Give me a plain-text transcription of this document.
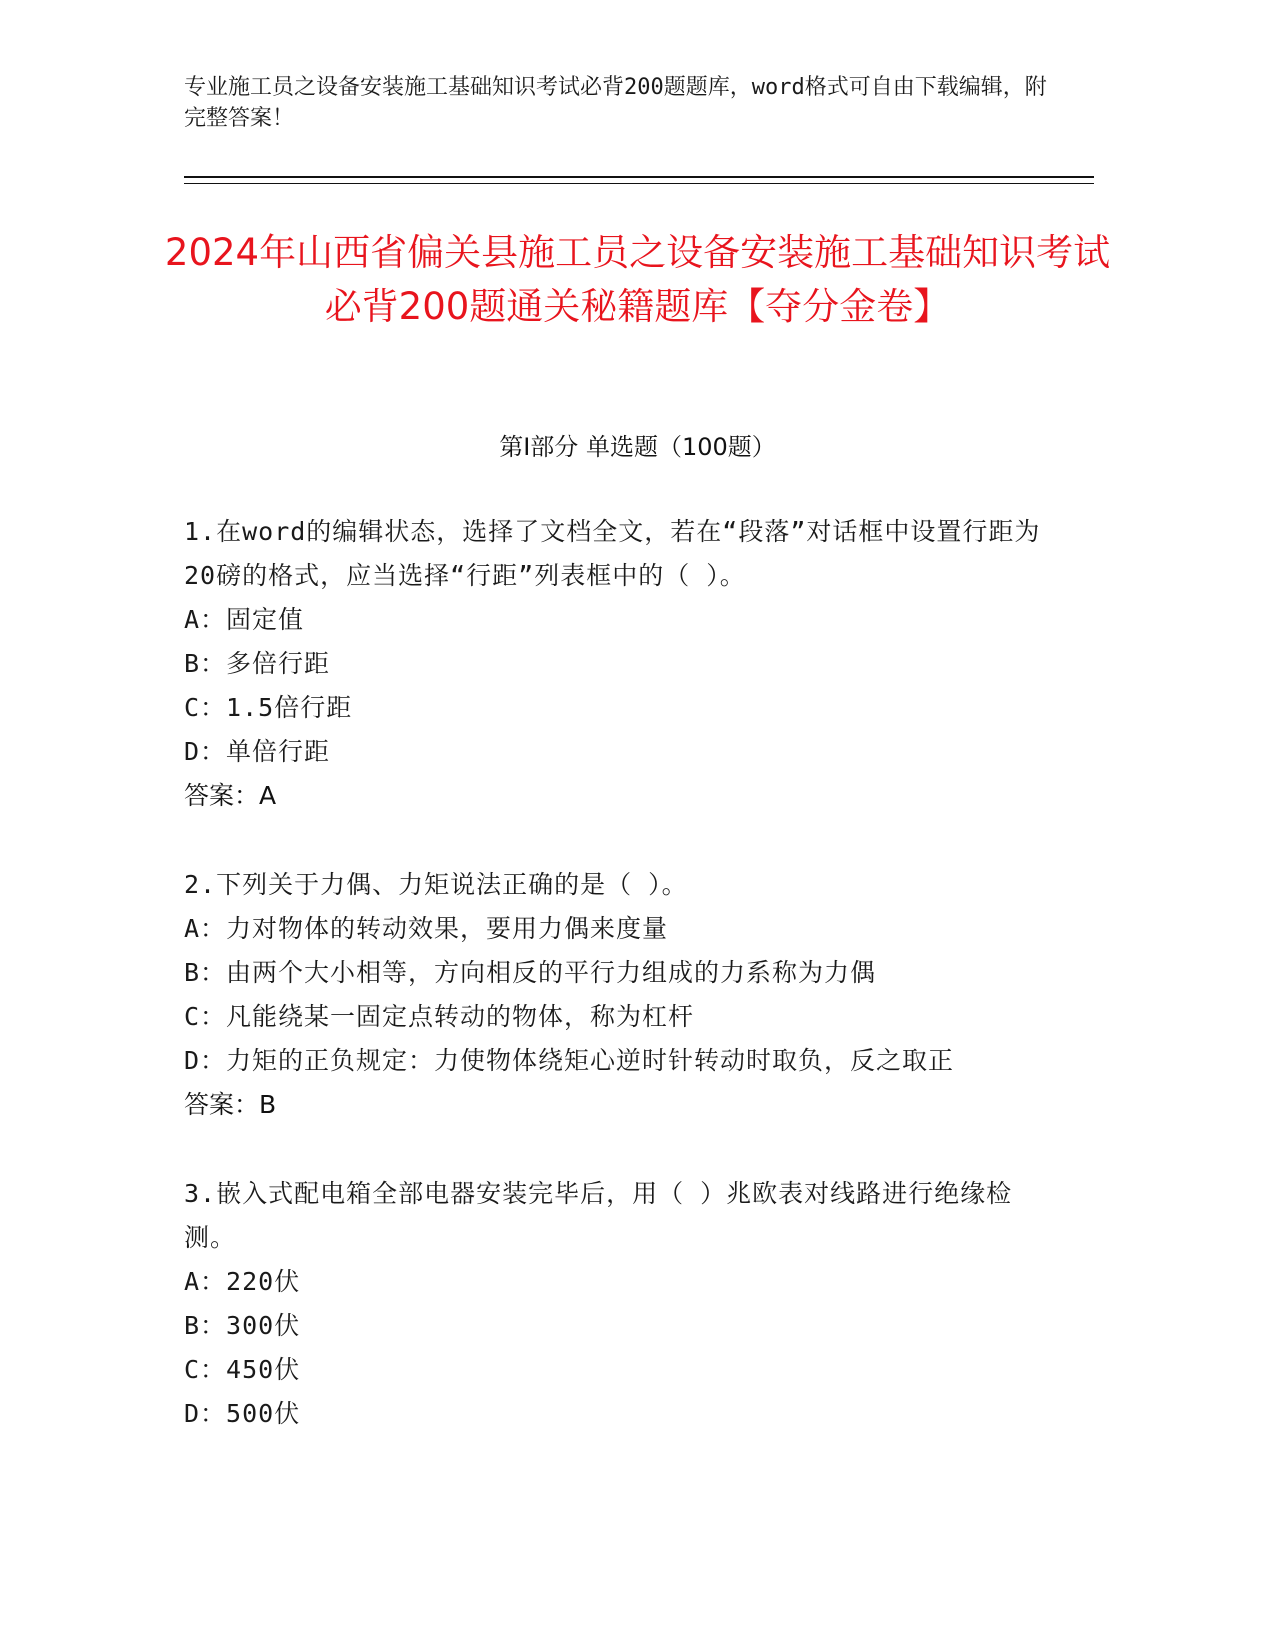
专业施工员之设备安装施工基础知识考试必背200题题库，word格式可自由下载编辑，附完整答案！
2024年山西省偏关县施工员之设备安装施工基础知识考试必背200题通关秘籍题库【夺分金卷】
第Ⅰ部分 单选题（100题）
1.在word的编辑状态，选择了文档全文，若在“段落”对话框中设置行距为20磅的格式，应当选择“行距”列表框中的（ ）。
A：固定值
B：多倍行距
C：1.5倍行距
D：单倍行距
答案：A
2.下列关于力偶、力矩说法正确的是（ ）。
A：力对物体的转动效果，要用力偶来度量
B：由两个大小相等，方向相反的平行力组成的力系称为力偶
C：凡能绕某一固定点转动的物体，称为杠杆
D：力矩的正负规定：力使物体绕矩心逆时针转动时取负，反之取正
答案：B
3.嵌入式配电箱全部电器安装完毕后，用（ ）兆欧表对线路进行绝缘检测。
A：220伏
B：300伏
C：450伏
D：500伏
